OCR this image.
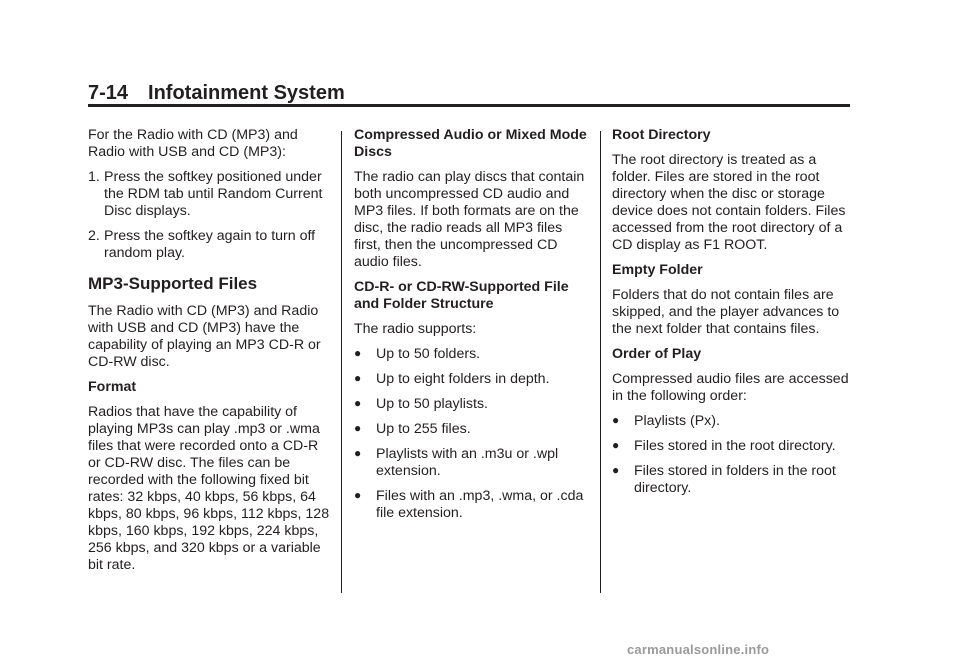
7-14 Infotainment System

For the Radio with CD (MP3) and Radio with USB and CD (MP3):

1. Press the softkey positioned under the RDM tab until Random Current Disc displays.
2. Press the softkey again to turn off random play.
MP3-Supported Files

The Radio with CD (MP3) and Radio with USB and CD (MP3) have the capability of playing an MP3 CD-R or CD-RW disc.

Format

Radios that have the capability of playing MP3s can play .mp3 or .wma files that were recorded onto a CD-R or CD-RW disc. The files can be recorded with the following fixed bit rates: 32 kbps, 40 kbps, 56 kbps, 64 kbps, 80 kbps, 96 kbps, 112 kbps, 128 kbps, 160 kbps, 192 kbps, 224 kbps, 256 kbps, and 320 kbps or a variable bit rate.

Compressed Audio or Mixed Mode Discs

The radio can play discs that contain both uncompressed CD audio and MP3 files. If both formats are on the disc, the radio reads all MP3 files first, then the uncompressed CD audio files.

CD-R- or CD-RW-Supported File and Folder Structure

The radio supports:

● Up to 50 folders.
● Up to eight folders in depth.
● Up to 50 playlists.
● Up to 255 files.
● Playlists with an .m3u or .wpl extension.
● Files with an .mp3, .wma, or .cda file extension.

Root Directory

The root directory is treated as a folder. Files are stored in the root directory when the disc or storage device does not contain folders. Files accessed from the root directory of a CD display as F1 ROOT.

Empty Folder

Folders that do not contain files are skipped, and the player advances to the next folder that contains files.

Order of Play

Compressed audio files are accessed in the following order:

● Playlists (Px).
● Files stored in the root directory.
● Files stored in folders in the root directory.
carmanualsonline.info
